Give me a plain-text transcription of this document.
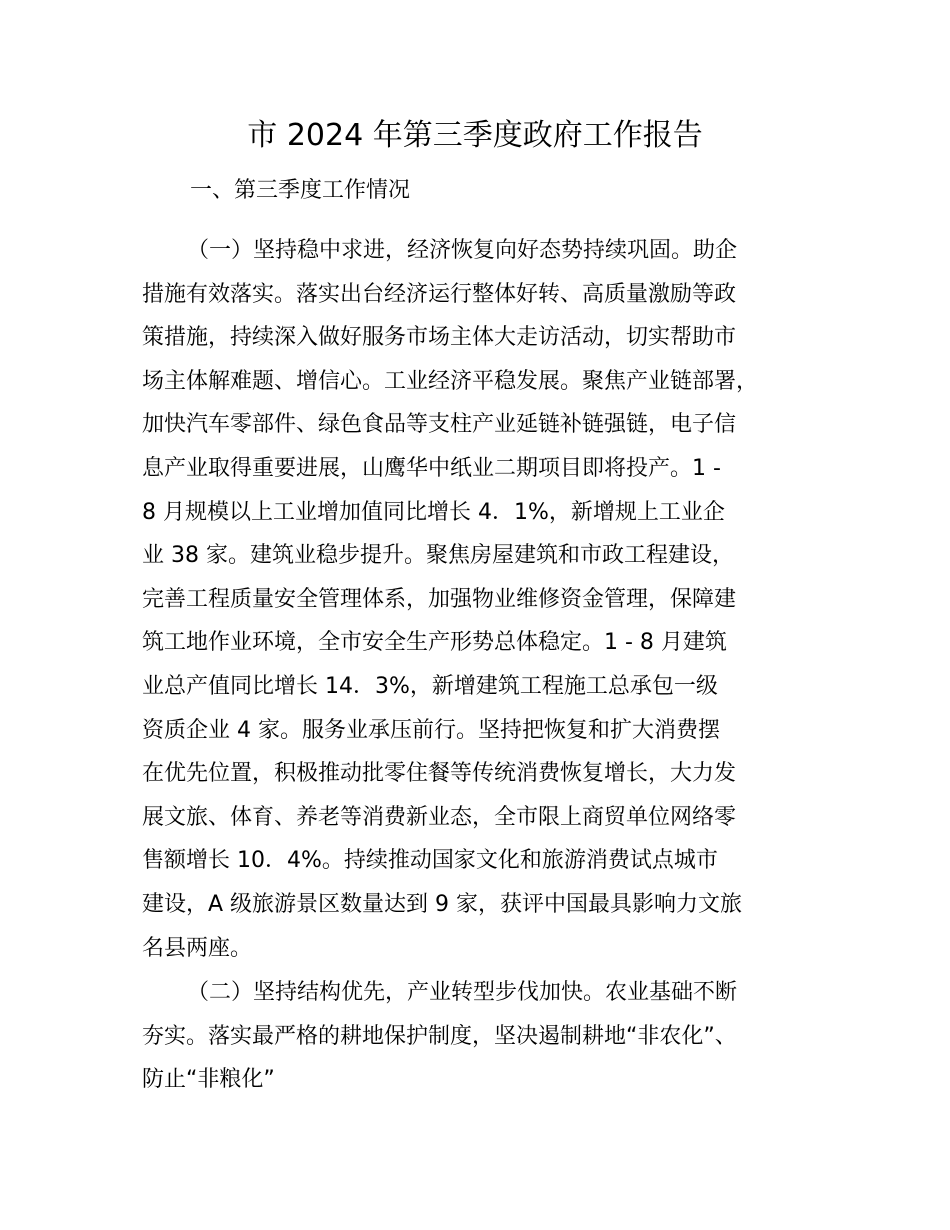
市 2024 年第三季度政府工作报告
一、第三季度工作情况
（一）坚持稳中求进，经济恢复向好态势持续巩固。助企
措施有效落实。落实出台经济运行整体好转、高质量激励等政
策措施，持续深入做好服务市场主体大走访活动，切实帮助市
场主体解难题、增信心。工业经济平稳发展。聚焦产业链部署，
加快汽车零部件、绿色食品等支柱产业延链补链强链，电子信
息产业取得重要进展，山鹰华中纸业二期项目即将投产。1 -
8 月规模以上工业增加值同比增长 4．1%，新增规上工业企
业 38 家。建筑业稳步提升。聚焦房屋建筑和市政工程建设，
完善工程质量安全管理体系，加强物业维修资金管理，保障建
筑工地作业环境，全市安全生产形势总体稳定。1 - 8 月建筑
业总产值同比增长 14．3%，新增建筑工程施工总承包一级
资质企业 4 家。服务业承压前行。坚持把恢复和扩大消费摆
在优先位置，积极推动批零住餐等传统消费恢复增长，大力发
展文旅、体育、养老等消费新业态，全市限上商贸单位网络零
售额增长 10．4%。持续推动国家文化和旅游消费试点城市
建设，A 级旅游景区数量达到 9 家，获评中国最具影响力文旅
名县两座。
（二）坚持结构优先，产业转型步伐加快。农业基础不断
夯实。落实最严格的耕地保护制度，坚决遏制耕地“非农化”、
防止“非粮化”
